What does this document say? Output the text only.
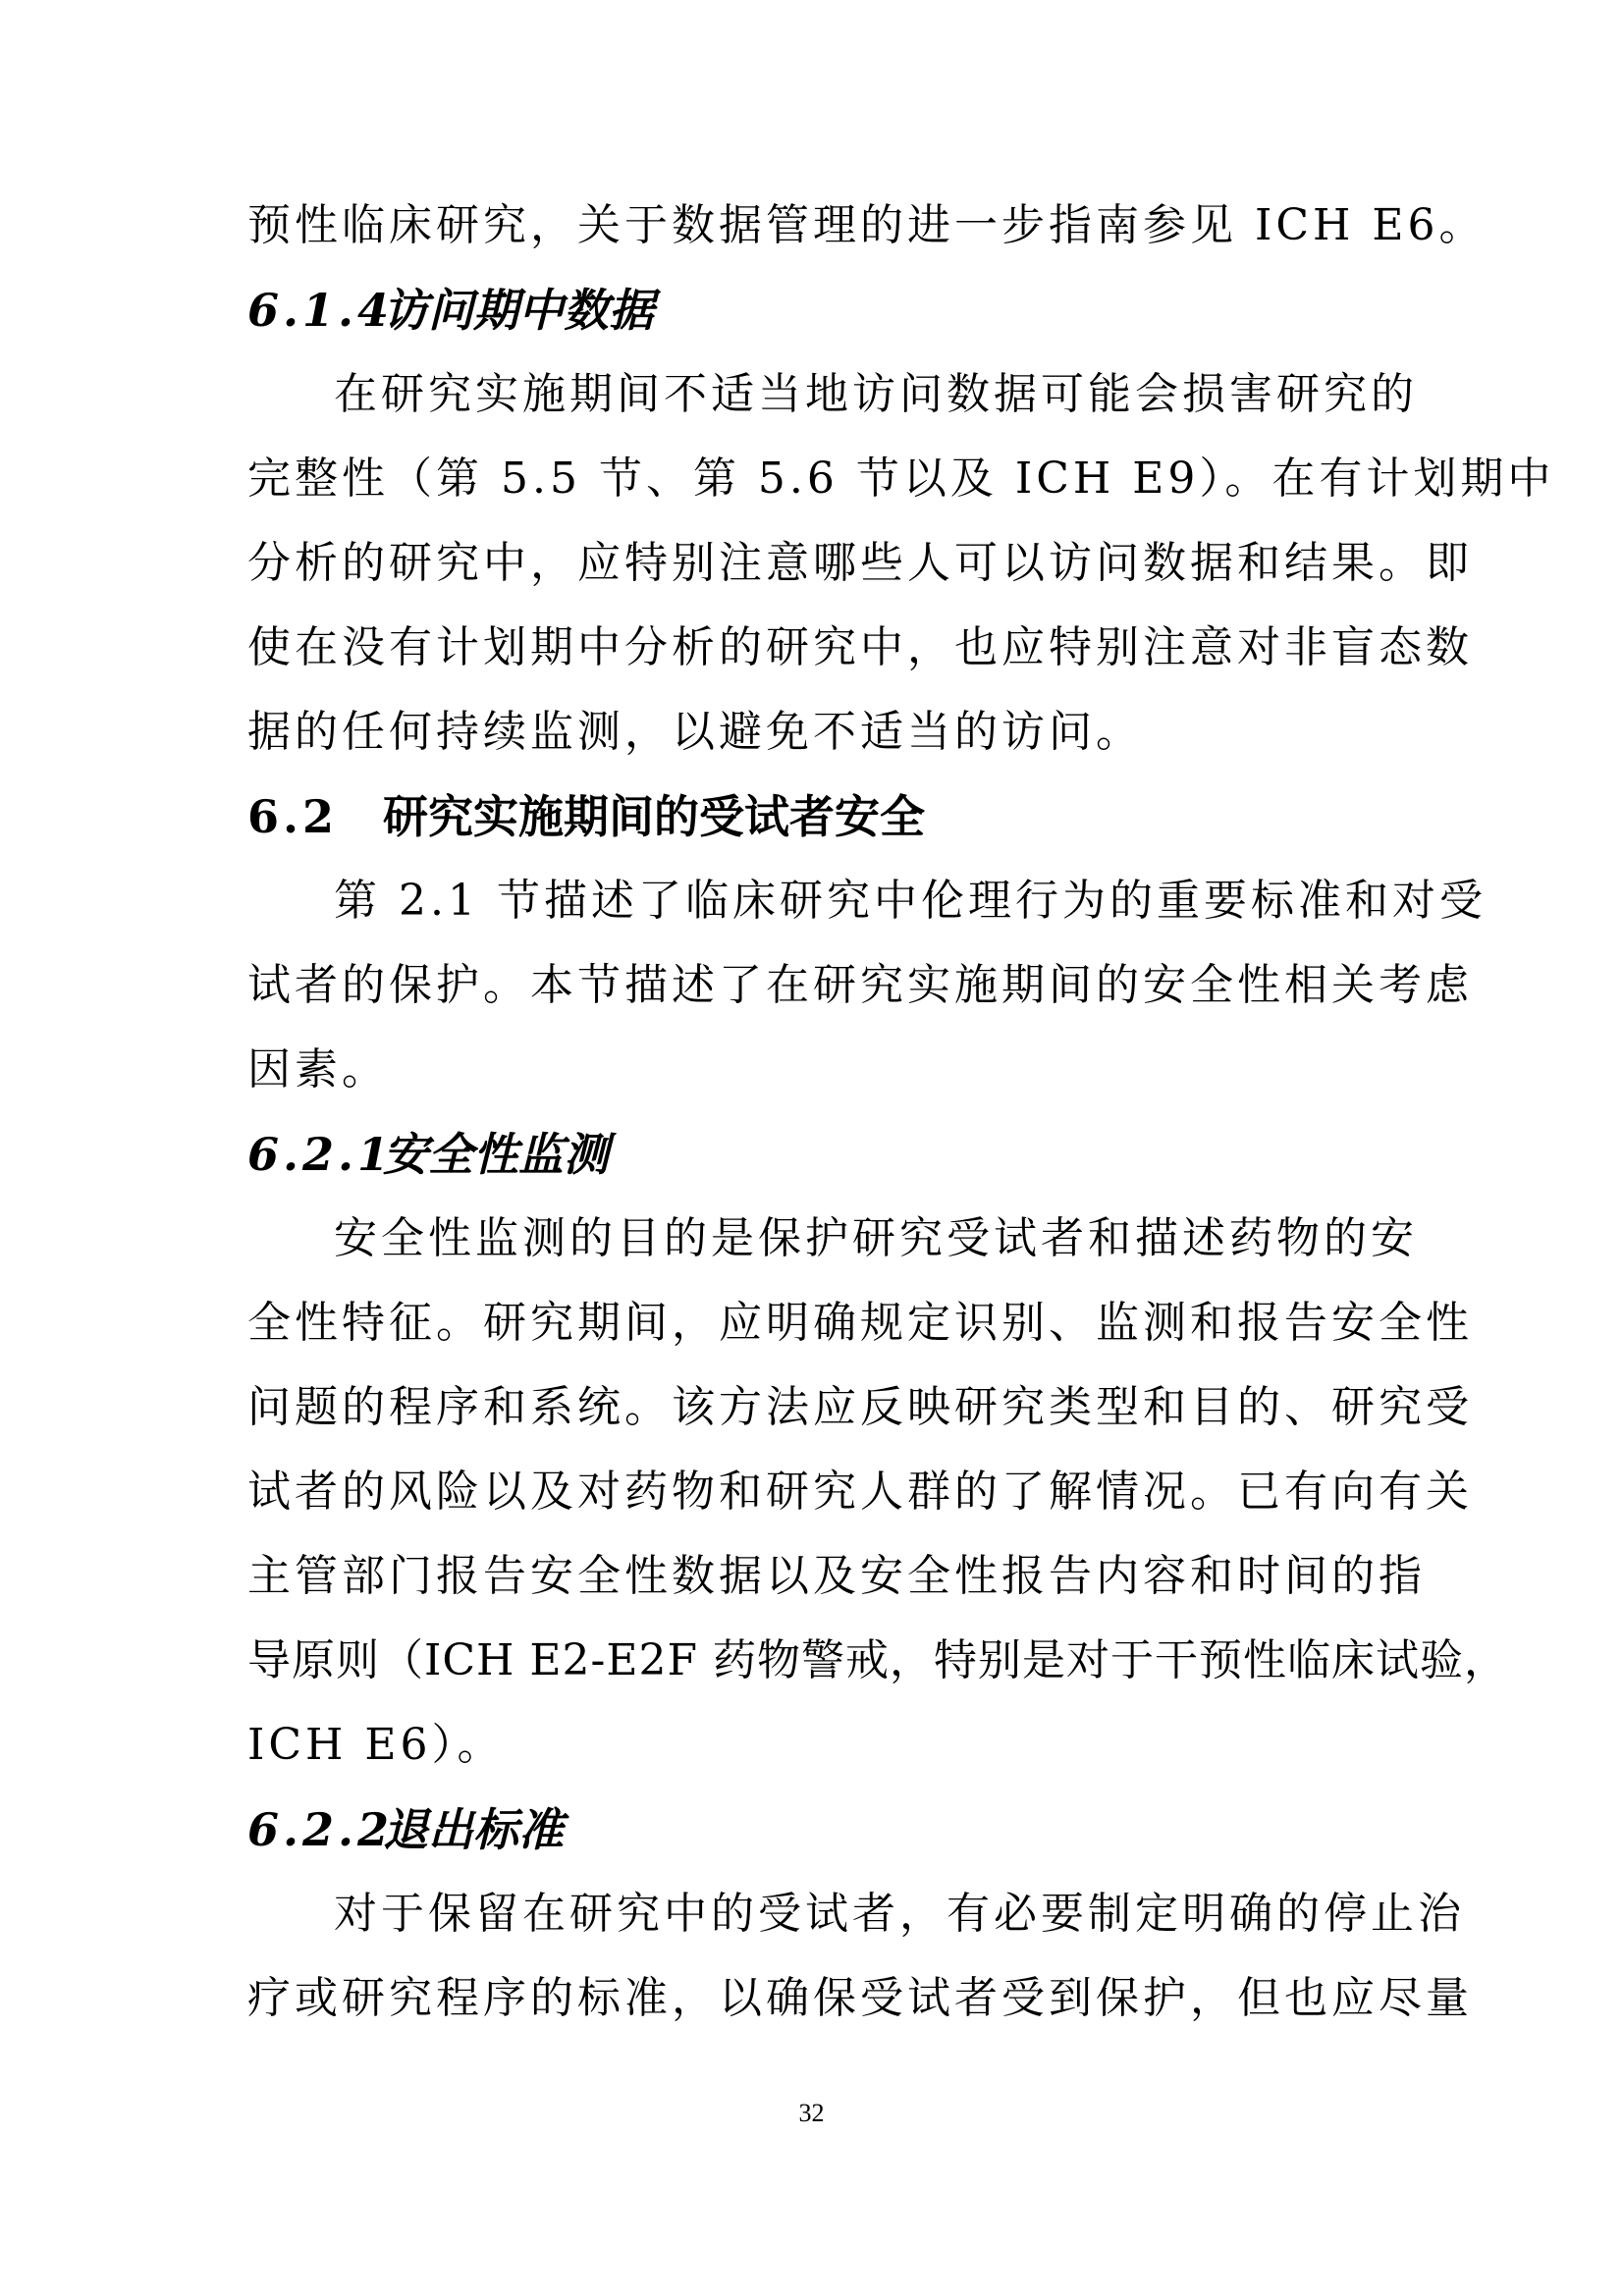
预性临床研究，关于数据管理的进一步指南参见 ICH E6。
6.1.4访问期中数据
在研究实施期间不适当地访问数据可能会损害研究的
完整性（第 5.5 节、第 5.6 节以及 ICH E9）。在有计划期中
分析的研究中，应特别注意哪些人可以访问数据和结果。即
使在没有计划期中分析的研究中，也应特别注意对非盲态数
据的任何持续监测，以避免不适当的访问。
6.2 研究实施期间的受试者安全
第 2.1 节描述了临床研究中伦理行为的重要标准和对受
试者的保护。本节描述了在研究实施期间的安全性相关考虑
因素。
6.2.1安全性监测
安全性监测的目的是保护研究受试者和描述药物的安
全性特征。研究期间，应明确规定识别、监测和报告安全性
问题的程序和系统。该方法应反映研究类型和目的、研究受
试者的风险以及对药物和研究人群的了解情况。已有向有关
主管部门报告安全性数据以及安全性报告内容和时间的指
导原则（ICH E2-E2F 药物警戒，特别是对于干预性临床试验，
ICH E6）。
6.2.2退出标准
对于保留在研究中的受试者，有必要制定明确的停止治
疗或研究程序的标准，以确保受试者受到保护，但也应尽量
32
